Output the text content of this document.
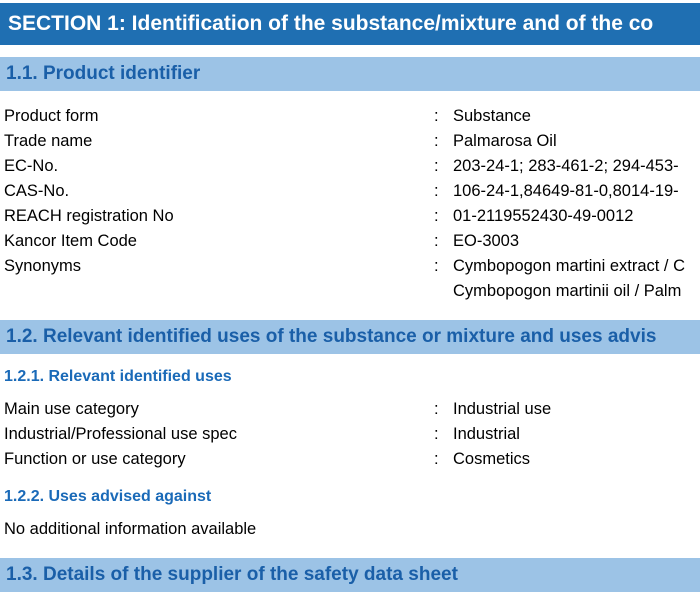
SECTION 1: Identification of the substance/mixture and of the co
1.1. Product identifier
Product form	: Substance
Trade name	: Palmarosa Oil
EC-No.	: 203-24-1; 283-461-2; 294-453-
CAS-No.	: 106-24-1,84649-81-0,8014-19-
REACH registration No	: 01-2119552430-49-0012
Kancor Item Code	: EO-3003
Synonyms	: Cymbopogon martini extract / C
Cymbopogon martinii oil / Palm
1.2. Relevant identified uses of the substance or mixture and uses advis
1.2.1. Relevant identified uses
Main use category	: Industrial use
Industrial/Professional use spec	: Industrial
Function or use category	: Cosmetics
1.2.2. Uses advised against
No additional information available
1.3. Details of the supplier of the safety data sheet
